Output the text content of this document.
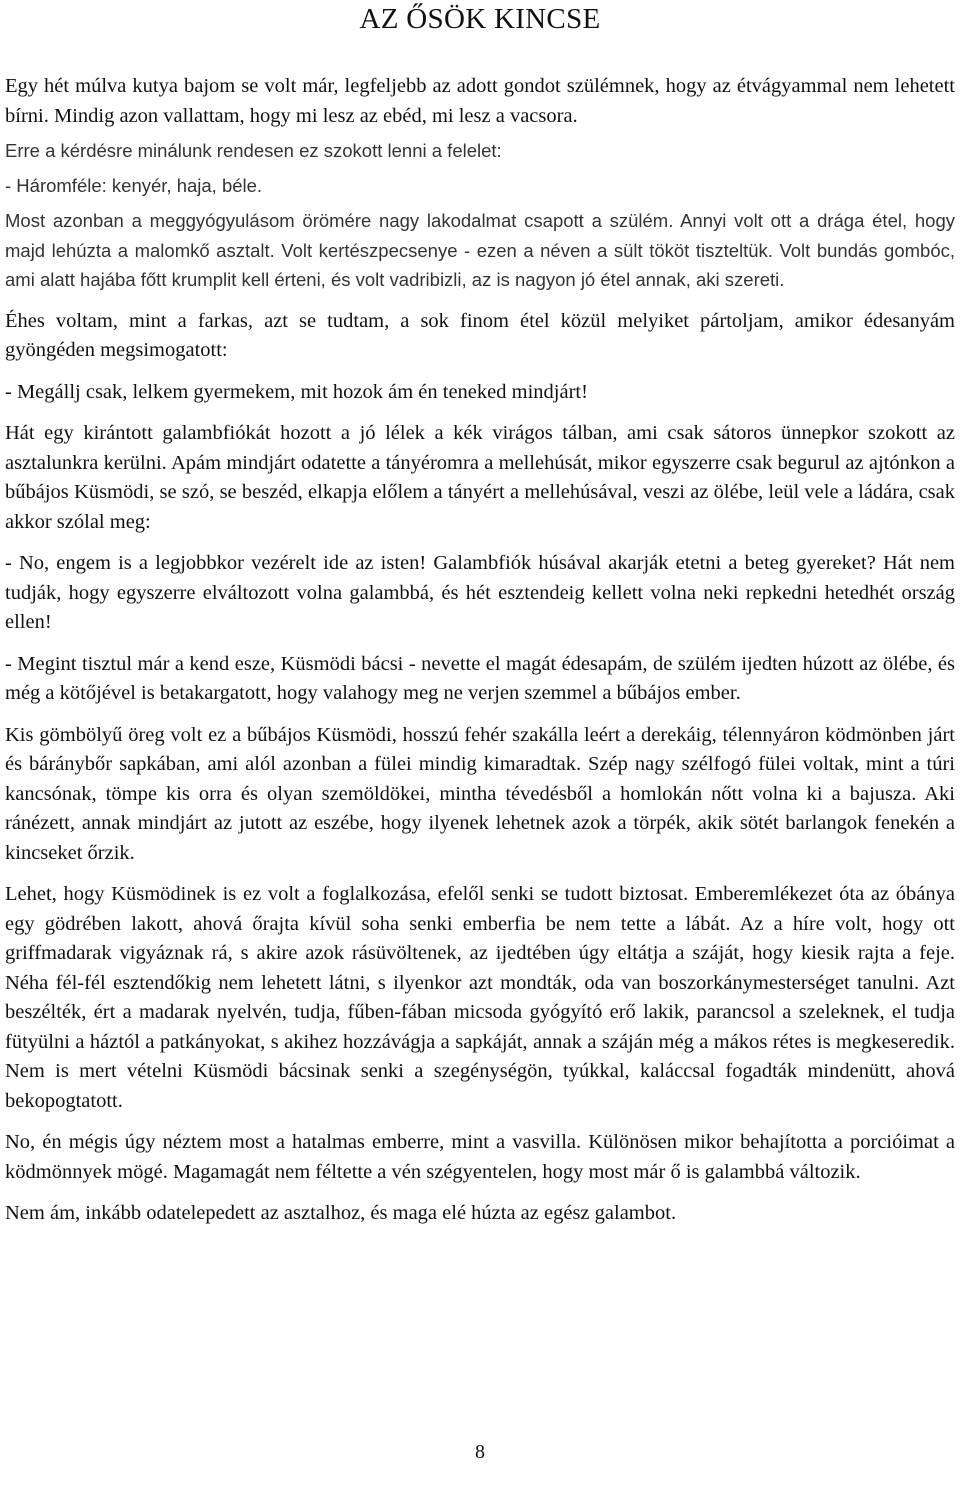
AZ ŐSÖK KINCSE

Egy hét múlva kutya bajom se volt már, legfeljebb az adott gondot szülémnek, hogy az étvágyammal nem lehetett bírni. Mindig azon vallattam, hogy mi lesz az ebéd, mi lesz a vacsora.

Erre a kérdésre minálunk rendesen ez szokott lenni a felelet:

- Háromféle: kenyér, haja, béle.

Most azonban a meggyógyulásom örömére nagy lakodalmat csapott a szülém. Annyi volt ott a drága étel, hogy majd lehúzta a malomkő asztalt. Volt kertészpecsenye - ezen a néven a sült tököt tiszteltük. Volt bundás gombóc, ami alatt hajába főtt krumplit kell érteni, és volt vadribizli, az is nagyon jó étel annak, aki szereti.

Éhes voltam, mint a farkas, azt se tudtam, a sok finom étel közül melyiket pártoljam, amikor édesanyám gyöngéden megsimogatott:

- Megállj csak, lelkem gyermekem, mit hozok ám én teneked mindjárt!

Hát egy kirántott galambfiókát hozott a jó lélek a kék virágos tálban, ami csak sátoros ünnepkor szokott az asztalunkra kerülni. Apám mindjárt odatette a tányéromra a mellehúsát, mikor egyszerre csak begurul az ajtónkon a bűbájos Küsmödi, se szó, se beszéd, elkapja előlem a tányért a mellehúsával, veszi az ölébe, leül vele a ládára, csak akkor szólal meg:

- No, engem is a legjobbkor vezérelt ide az isten! Galambfiók húsával akarják etetni a beteg gyereket? Hát nem tudják, hogy egyszerre elváltozott volna galambbá, és hét esztendeig kellett volna neki repkedni hetedhét ország ellen!

- Megint tisztul már a kend esze, Küsmödi bácsi - nevette el magát édesapám, de szülém ijedten húzott az ölébe, és még a kötőjével is betakargatott, hogy valahogy meg ne verjen szemmel a bűbájos ember.

Kis gömbölyű öreg volt ez a bűbájos Küsmödi, hosszú fehér szakálla leért a derekáig, télennyáron ködmönben járt és báránybőr sapkában, ami alól azonban a fülei mindig kimaradtak. Szép nagy szélfogó fülei voltak, mint a túri kancsónak, tömpe kis orra és olyan szemöldökei, mintha tévedésből a homlokán nőtt volna ki a bajusza. Aki ránézett, annak mindjárt az jutott az eszébe, hogy ilyenek lehetnek azok a törpék, akik sötét barlangok fenekén a kincseket őrzik.

Lehet, hogy Küsmödinek is ez volt a foglalkozása, efelől senki se tudott biztosat. Emberemlékezet óta az óbánya egy gödrében lakott, ahová őrajta kívül soha senki emberfia be nem tette a lábát. Az a híre volt, hogy ott griffmadarak vigyáznak rá, s akire azok rásüvöltenek, az ijedtében úgy eltátja a száját, hogy kiesik rajta a feje. Néha fél-fél esztendőkig nem lehetett látni, s ilyenkor azt mondták, oda van boszorkánymesterséget tanulni. Azt beszélték, ért a madarak nyelvén, tudja, fűben-fában micsoda gyógyító erő lakik, parancsol a szeleknek, el tudja fütyülni a háztól a patkányokat, s akihez hozzávágja a sapkáját, annak a száján még a mákos rétes is megkeseredik. Nem is mert vételni Küsmödi bácsinak senki a szegénységön, tyúkkal, kaláccsal fogadták mindenütt, ahová bekopogtatott.

No, én mégis úgy néztem most a hatalmas emberre, mint a vasvilla. Különösen mikor behajította a porcióimat a ködmönnyek mögé. Magamagát nem féltette a vén szégyentelen, hogy most már ő is galambbá változik.

Nem ám, inkább odatelepedett az asztalhoz, és maga elé húzta az egész galambot.

8
